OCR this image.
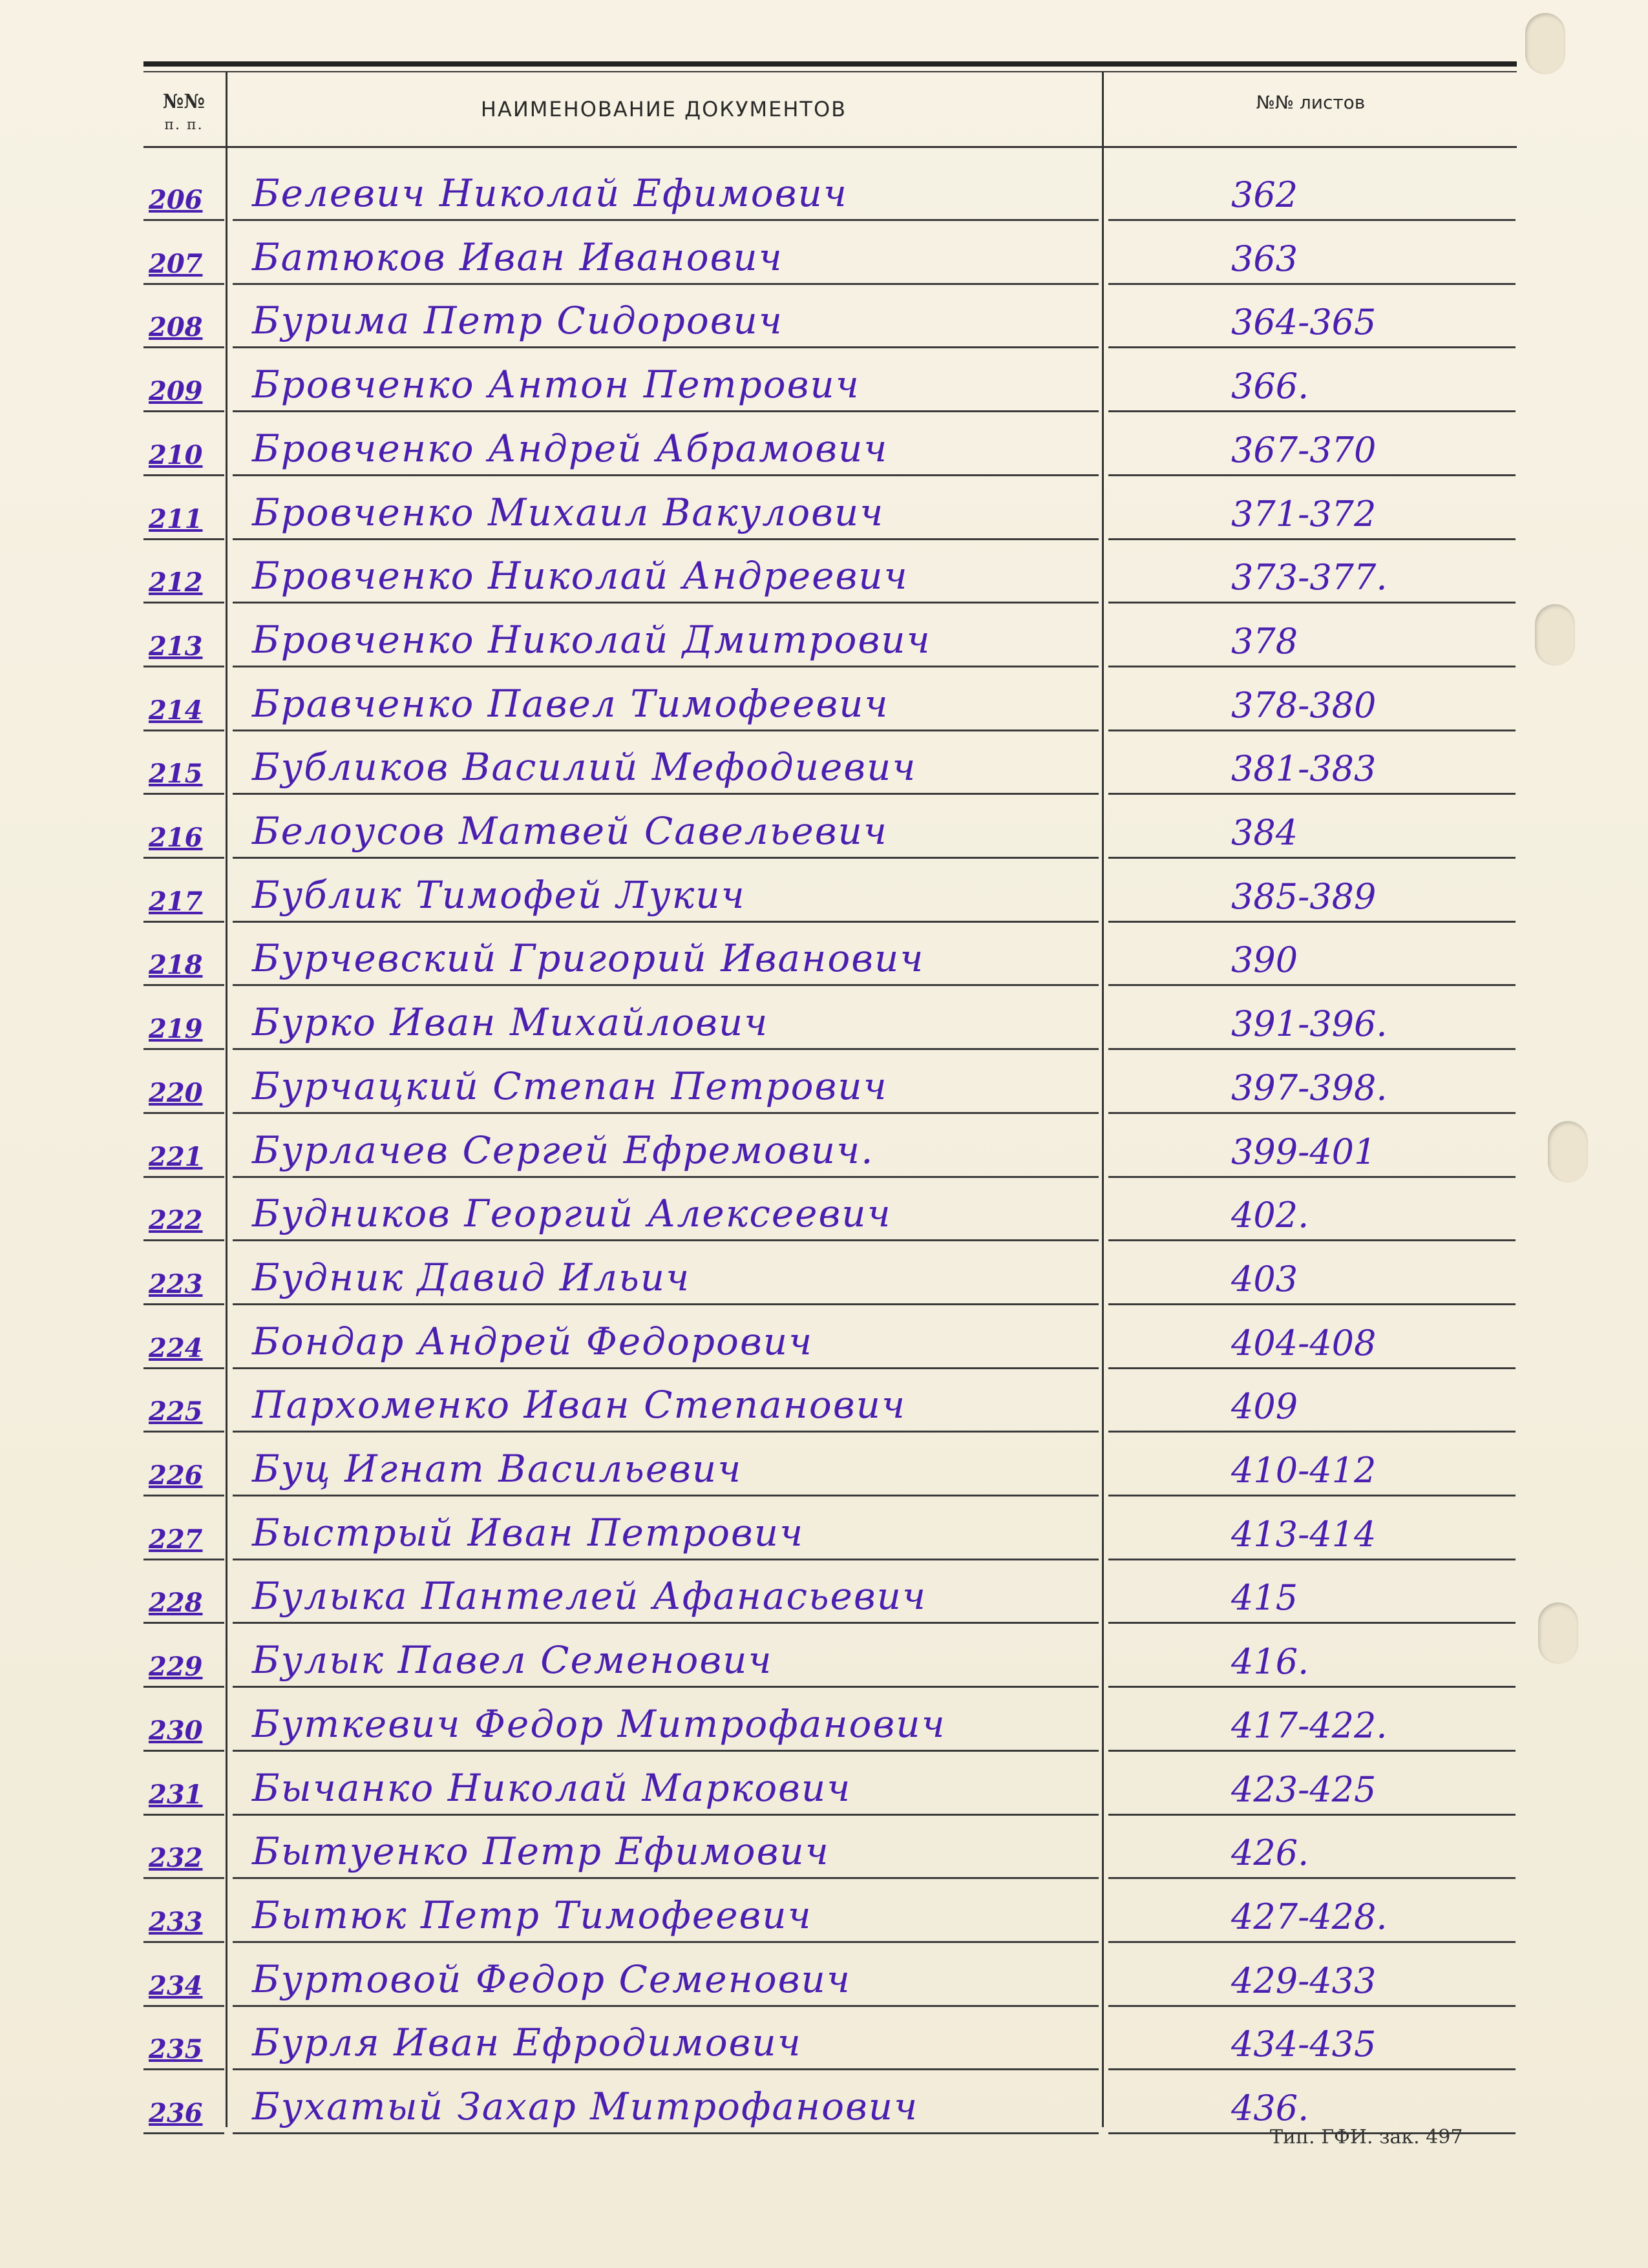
№№
п. п.
НАИМЕНОВАНИЕ ДОКУМЕНТОВ	№№ листов
206 Белевич Николай Ефимович	362
207 Батюков Иван Иванович	363
208 Бурима Петр Сидорович	364-365
209 Бровченко Антон Петрович	366.
210 Бровченко Андрей Абрамович	367-370
211 Бровченко Михаил Вакулович	371-372
212 Бровченко Николай Андреевич	373-377.
213 Бровченко Николай Дмитрович	378
214 Бравченко Павел Тимофеевич	378-380
215 Бубликов Василий Мефодиевич	381-383
216 Белоусов Матвей Савельевич	384
217 Бублик Тимофей Лукич	385-389
218 Бурчевский Григорий Иванович	390
219 Бурко Иван Михайлович	391-396.
220 Бурчацкий Степан Петрович	397-398.
221 Бурлачев Сергей Ефремович.	399-401
222 Будников Георгий Алексеевич	402.
223 Будник Давид Ильич	403
224 Бондар Андрей Федорович	404-408
225 Пархоменко Иван Степанович	409
226 Буц Игнат Васильевич	410-412
227 Быстрый Иван Петрович	413-414
228 Булыка Пантелей Афанасьевич	415
229 Булык Павел Семенович	416.
230 Буткевич Федор Митрофанович	417-422.
231 Бычанко Николай Маркович	423-425
232 Бытуенко Петр Ефимович	426.
233 Бытюк Петр Тимофеевич	427-428.
234 Буртовой Федор Семенович	429-433
235 Бурля Иван Ефродимович	434-435
236 Бухатый Захар Митрофанович	436.
Тип. ГФИ. зак. 497
